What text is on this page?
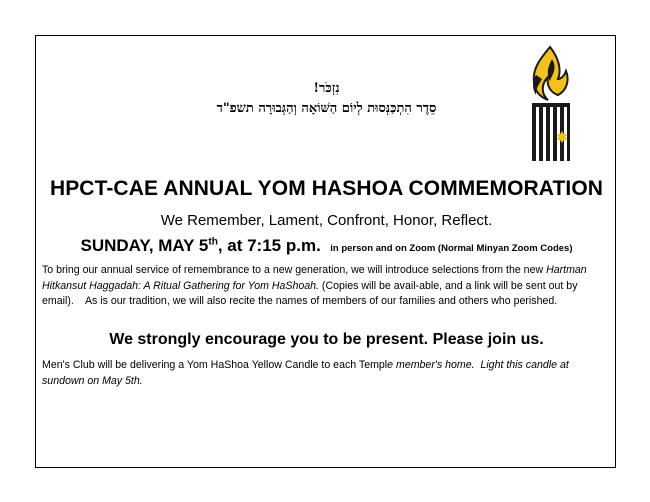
נִזְכֹּר!
סֵדֶר הִתְכַּנְּסוּת לְיוֹם הַשּׁוֹאָה וְהַגְּבוּרָה תשפ"ד
HPCT-CAE ANNUAL YOM HASHOA COMMEMORATION
We Remember, Lament, Confront, Honor, Reflect.
SUNDAY, MAY 5th, at 7:15 p.m. in person and on Zoom (Normal Minyan Zoom Codes)
To bring our annual service of remembrance to a new generation, we will introduce selections from the new Hartman     Hitkansut Haggadah: A Ritual Gathering for Yom HaShoah. (Copies will be avail-able, and a link will be sent out by email).    As is our tradition, we will also recite the names of members of our families and others who perished.
We strongly encourage you to be present. Please join us.
Men's Club will be delivering a Yom HaShoa Yellow Candle to each Temple member's home.  Light this candle at sundown on May 5th.
